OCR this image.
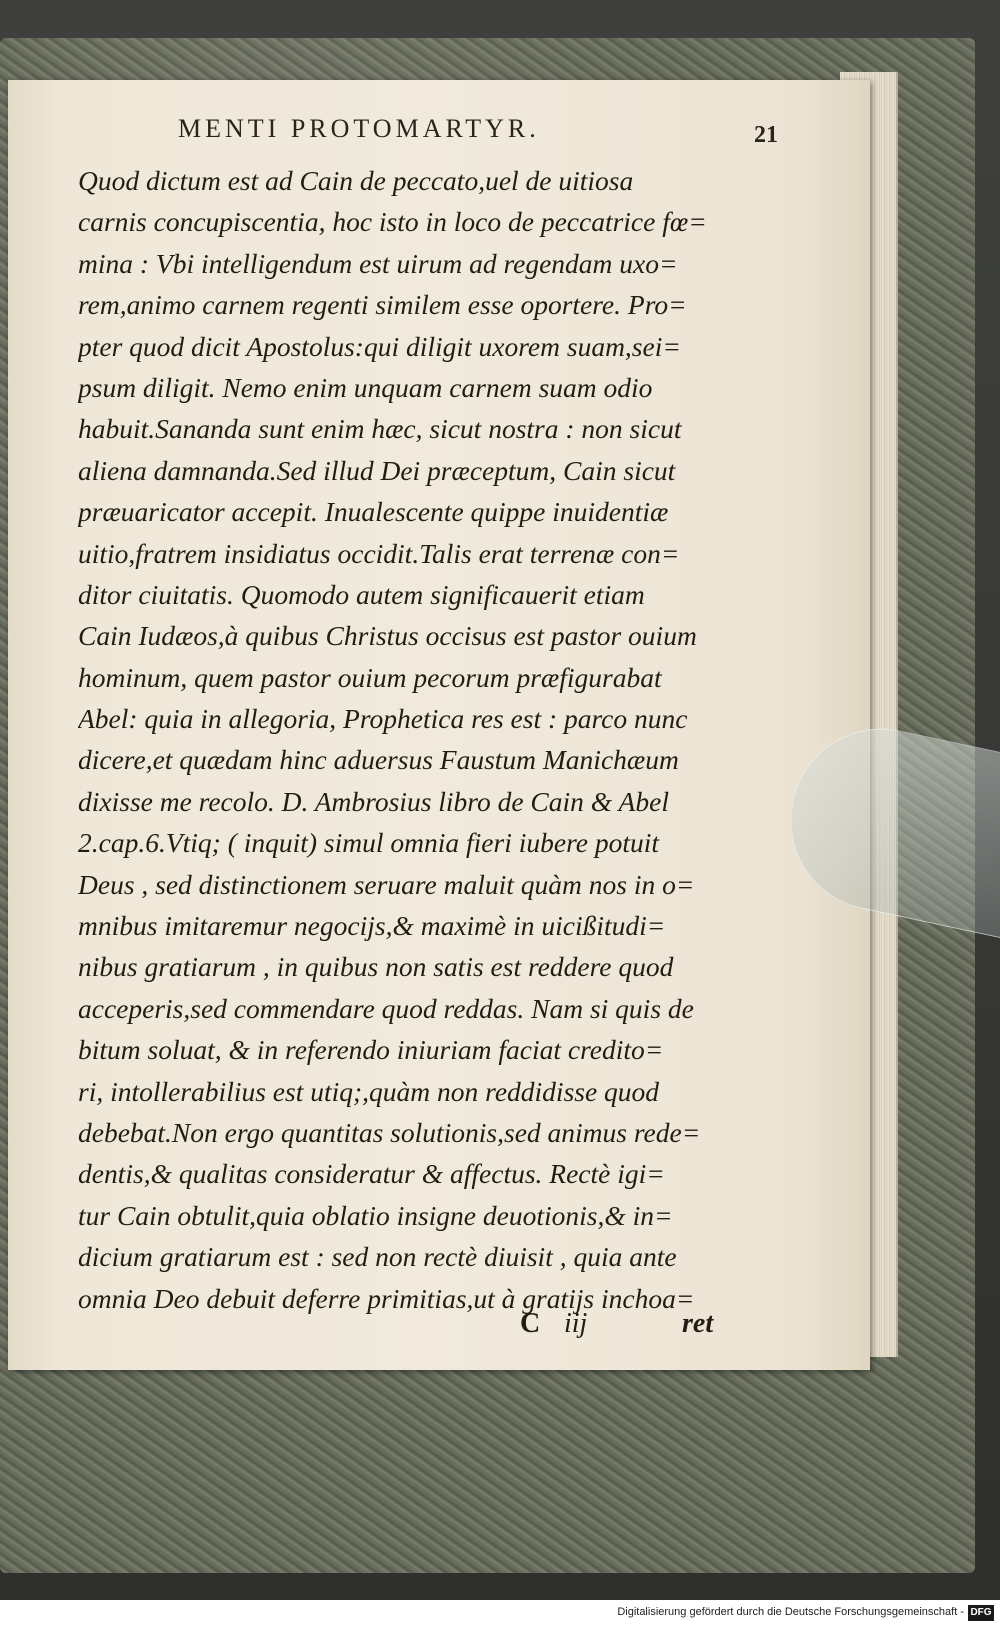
MENTI PROTOMARTYR.	21
Quod dictum est ad Cain de peccato,uel de uitiosa
carnis concupiscentia, hoc isto in loco de peccatrice fœ=
mina : Vbi intelligendum est uirum ad regendam uxo=
rem,animo carnem regenti similem esse oportere. Pro=
pter quod dicit Apostolus:qui diligit uxorem suam,sei=
psum diligit. Nemo enim unquam carnem suam odio
habuit.Sananda sunt enim hæc, sicut nostra : non sicut
aliena damnanda.Sed illud Dei præceptum, Cain sicut
præuaricator accepit. Inualescente quippe inuidentiæ
uitio,fratrem insidiatus occidit.Talis erat terrenæ con=
ditor ciuitatis. Quomodo autem significauerit etiam
Cain Iudæos,à quibus Christus occisus est pastor ouium
hominum, quem pastor ouium pecorum præfigurabat
Abel: quia in allegoria, Prophetica res est : parco nunc
dicere,et quædam hinc aduersus Faustum Manichæum
dixisse me recolo. D. Ambrosius libro de Cain & Abel
2.cap.6.Vtiq; ( inquit) simul omnia fieri iubere potuit
Deus , sed distinctionem seruare maluit quàm nos in o=
mnibus imitaremur negocijs,& maximè in uicißitudi=
nibus gratiarum , in quibus non satis est reddere quod
acceperis,sed commendare quod reddas. Nam si quis de
bitum soluat, & in referendo iniuriam faciat credito=
ri, intollerabilius est utiq;,quàm non reddidisse quod
debebat.Non ergo quantitas solutionis,sed animus rede=
dentis,& qualitas consideratur & affectus. Rectè igi=
tur Cain obtulit,quia oblatio insigne deuotionis,& in=
dicium gratiarum est : sed non rectè diuisit , quia ante
omnia Deo debuit deferre primitias,ut à gratijs inchoa=
C iij	ret
Digitalisierung gefördert durch die Deutsche Forschungsgemeinschaft - DFG
